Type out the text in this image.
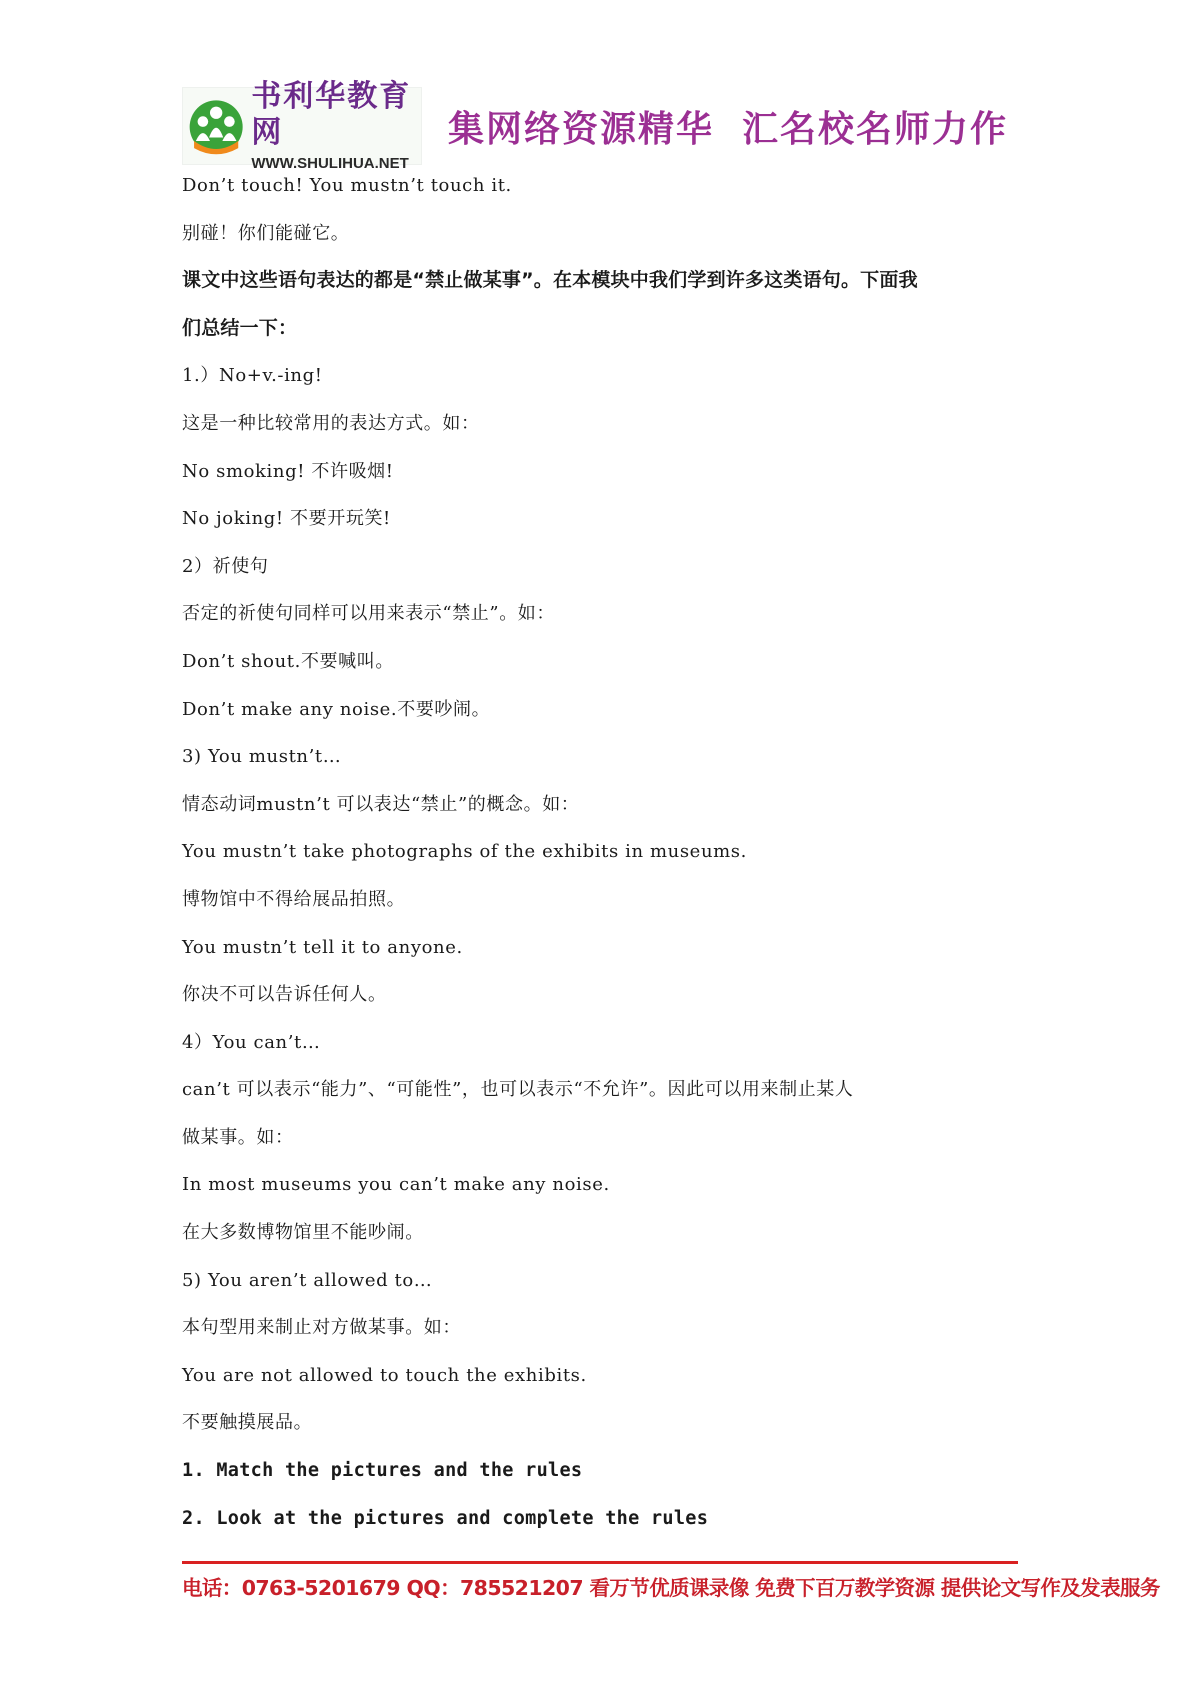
书利华教育网
WWW.SHULIHUA.NET
集网络资源精华 汇名校名师力作
Don’t touch! You mustn’t touch it.
别碰！你们能碰它。
课文中这些语句表达的都是“禁止做某事”。在本模块中我们学到许多这类语句。下面我
们总结一下：
1.）No+v.-ing!
这是一种比较常用的表达方式。如：
No smoking! 不许吸烟!
No joking! 不要开玩笑!
2）祈使句
否定的祈使句同样可以用来表示“禁止”。如：
Don’t shout.不要喊叫。
Don’t make any noise.不要吵闹。
3) You mustn’t…
情态动词mustn’t 可以表达“禁止”的概念。如：
You mustn’t take photographs of the exhibits in museums.
博物馆中不得给展品拍照。
You mustn’t tell it to anyone.
你决不可以告诉任何人。
4）You can’t…
can’t 可以表示“能力”、“可能性”，也可以表示“不允许”。因此可以用来制止某人
做某事。如：
In most museums you can’t make any noise.
在大多数博物馆里不能吵闹。
5) You aren’t allowed to…
本句型用来制止对方做某事。如：
You are not allowed to touch the exhibits.
不要触摸展品。
1. Match the pictures and the rules
2. Look at the pictures and complete the rules
电话：0763-5201679 QQ：785521207 看万节优质课录像 免费下百万教学资源 提供论文写作及发表服务
